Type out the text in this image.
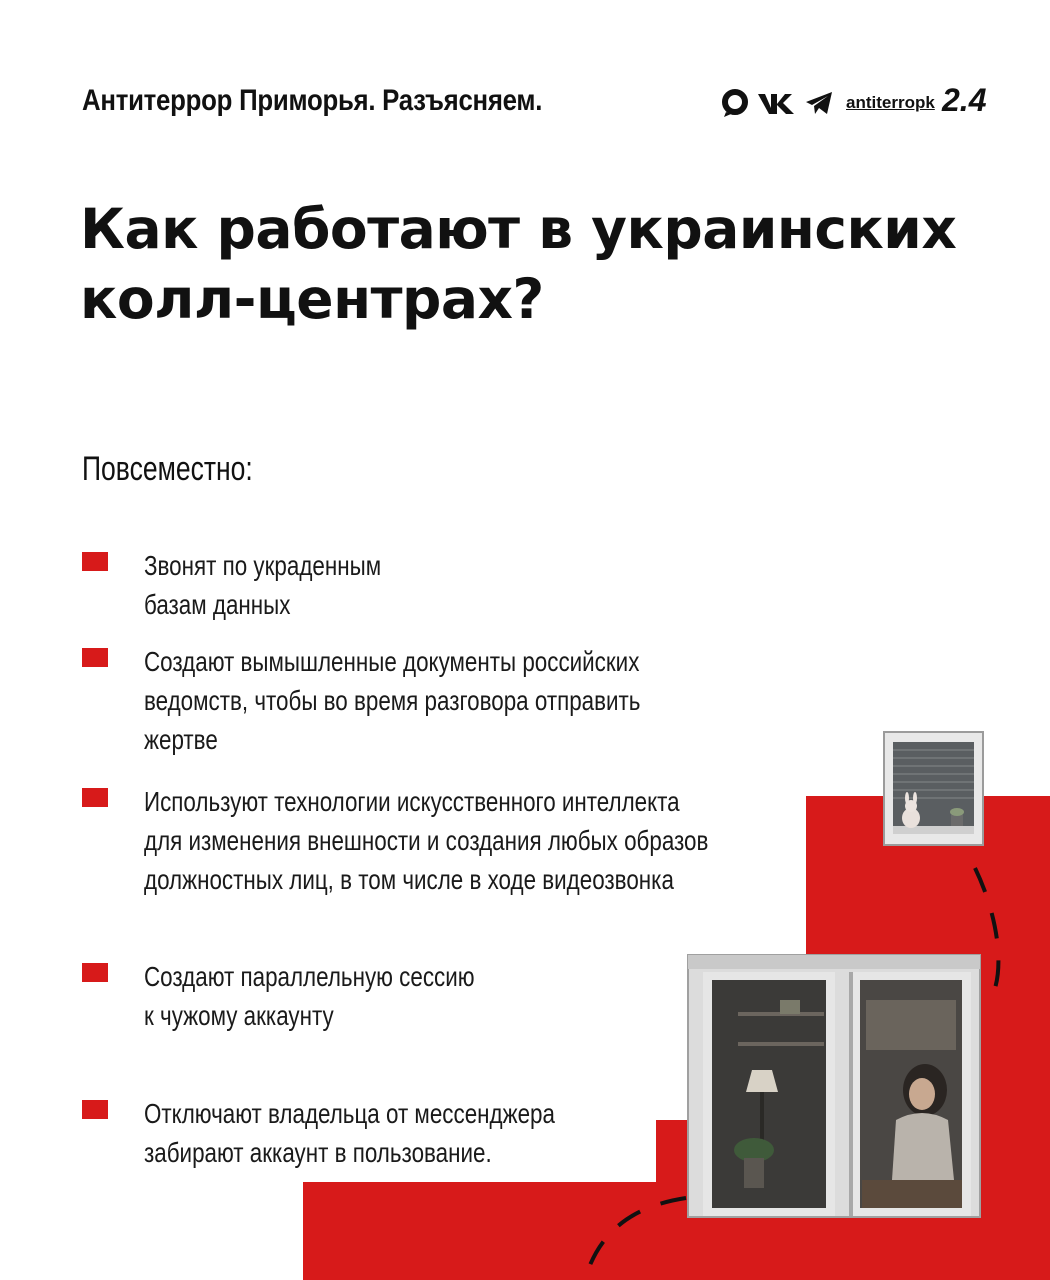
Антитеррор Приморья. Разъясняем.	antiterropk 2.4
Как работают в украинских колл-центрах?
Повсеместно:
Звонят по украденным
базам данных
Создают вымышленные документы российских
ведомств, чтобы во время разговора отправить
жертве
Используют технологии искусственного интеллекта
для изменения внешности и создания любых образов
должностных лиц, в том числе в ходе видеозвонка
Создают параллельную сессию
к чужому аккаунту
Отключают владельца от мессенджера
забирают аккаунт в пользование.
